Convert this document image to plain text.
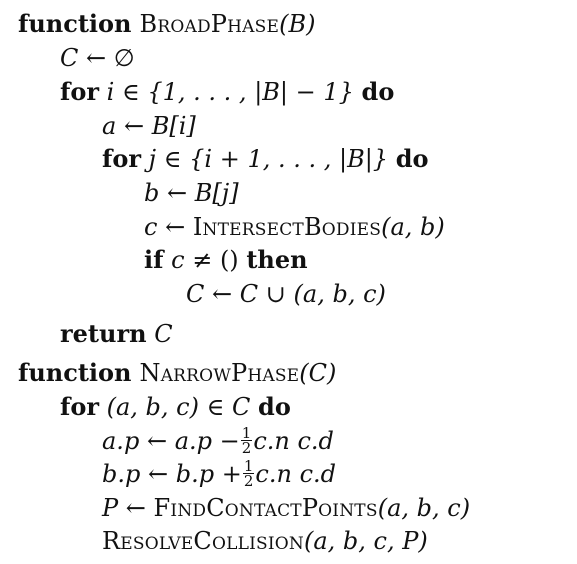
function BroadPhase(B)
C ← ∅
for i ∈ {1, . . . , |B| − 1} do
a ← B[i]
for j ∈ {i + 1, . . . , |B|} do
b ← B[j]
c ← IntersectBodies(a, b)
if c ≠ () then
C ← C ∪ (a, b, c)
return C
function NarrowPhase(C)
for (a, b, c) ∈ C do
a.p ← $a.p - \frac{1}{2} c.n$ c.d
b.p ← $b.p + \frac{1}{2} c.n$ c.d
P ← FindContactPoints(a, b, c)
ResolveCollision(a, b, c, P)
